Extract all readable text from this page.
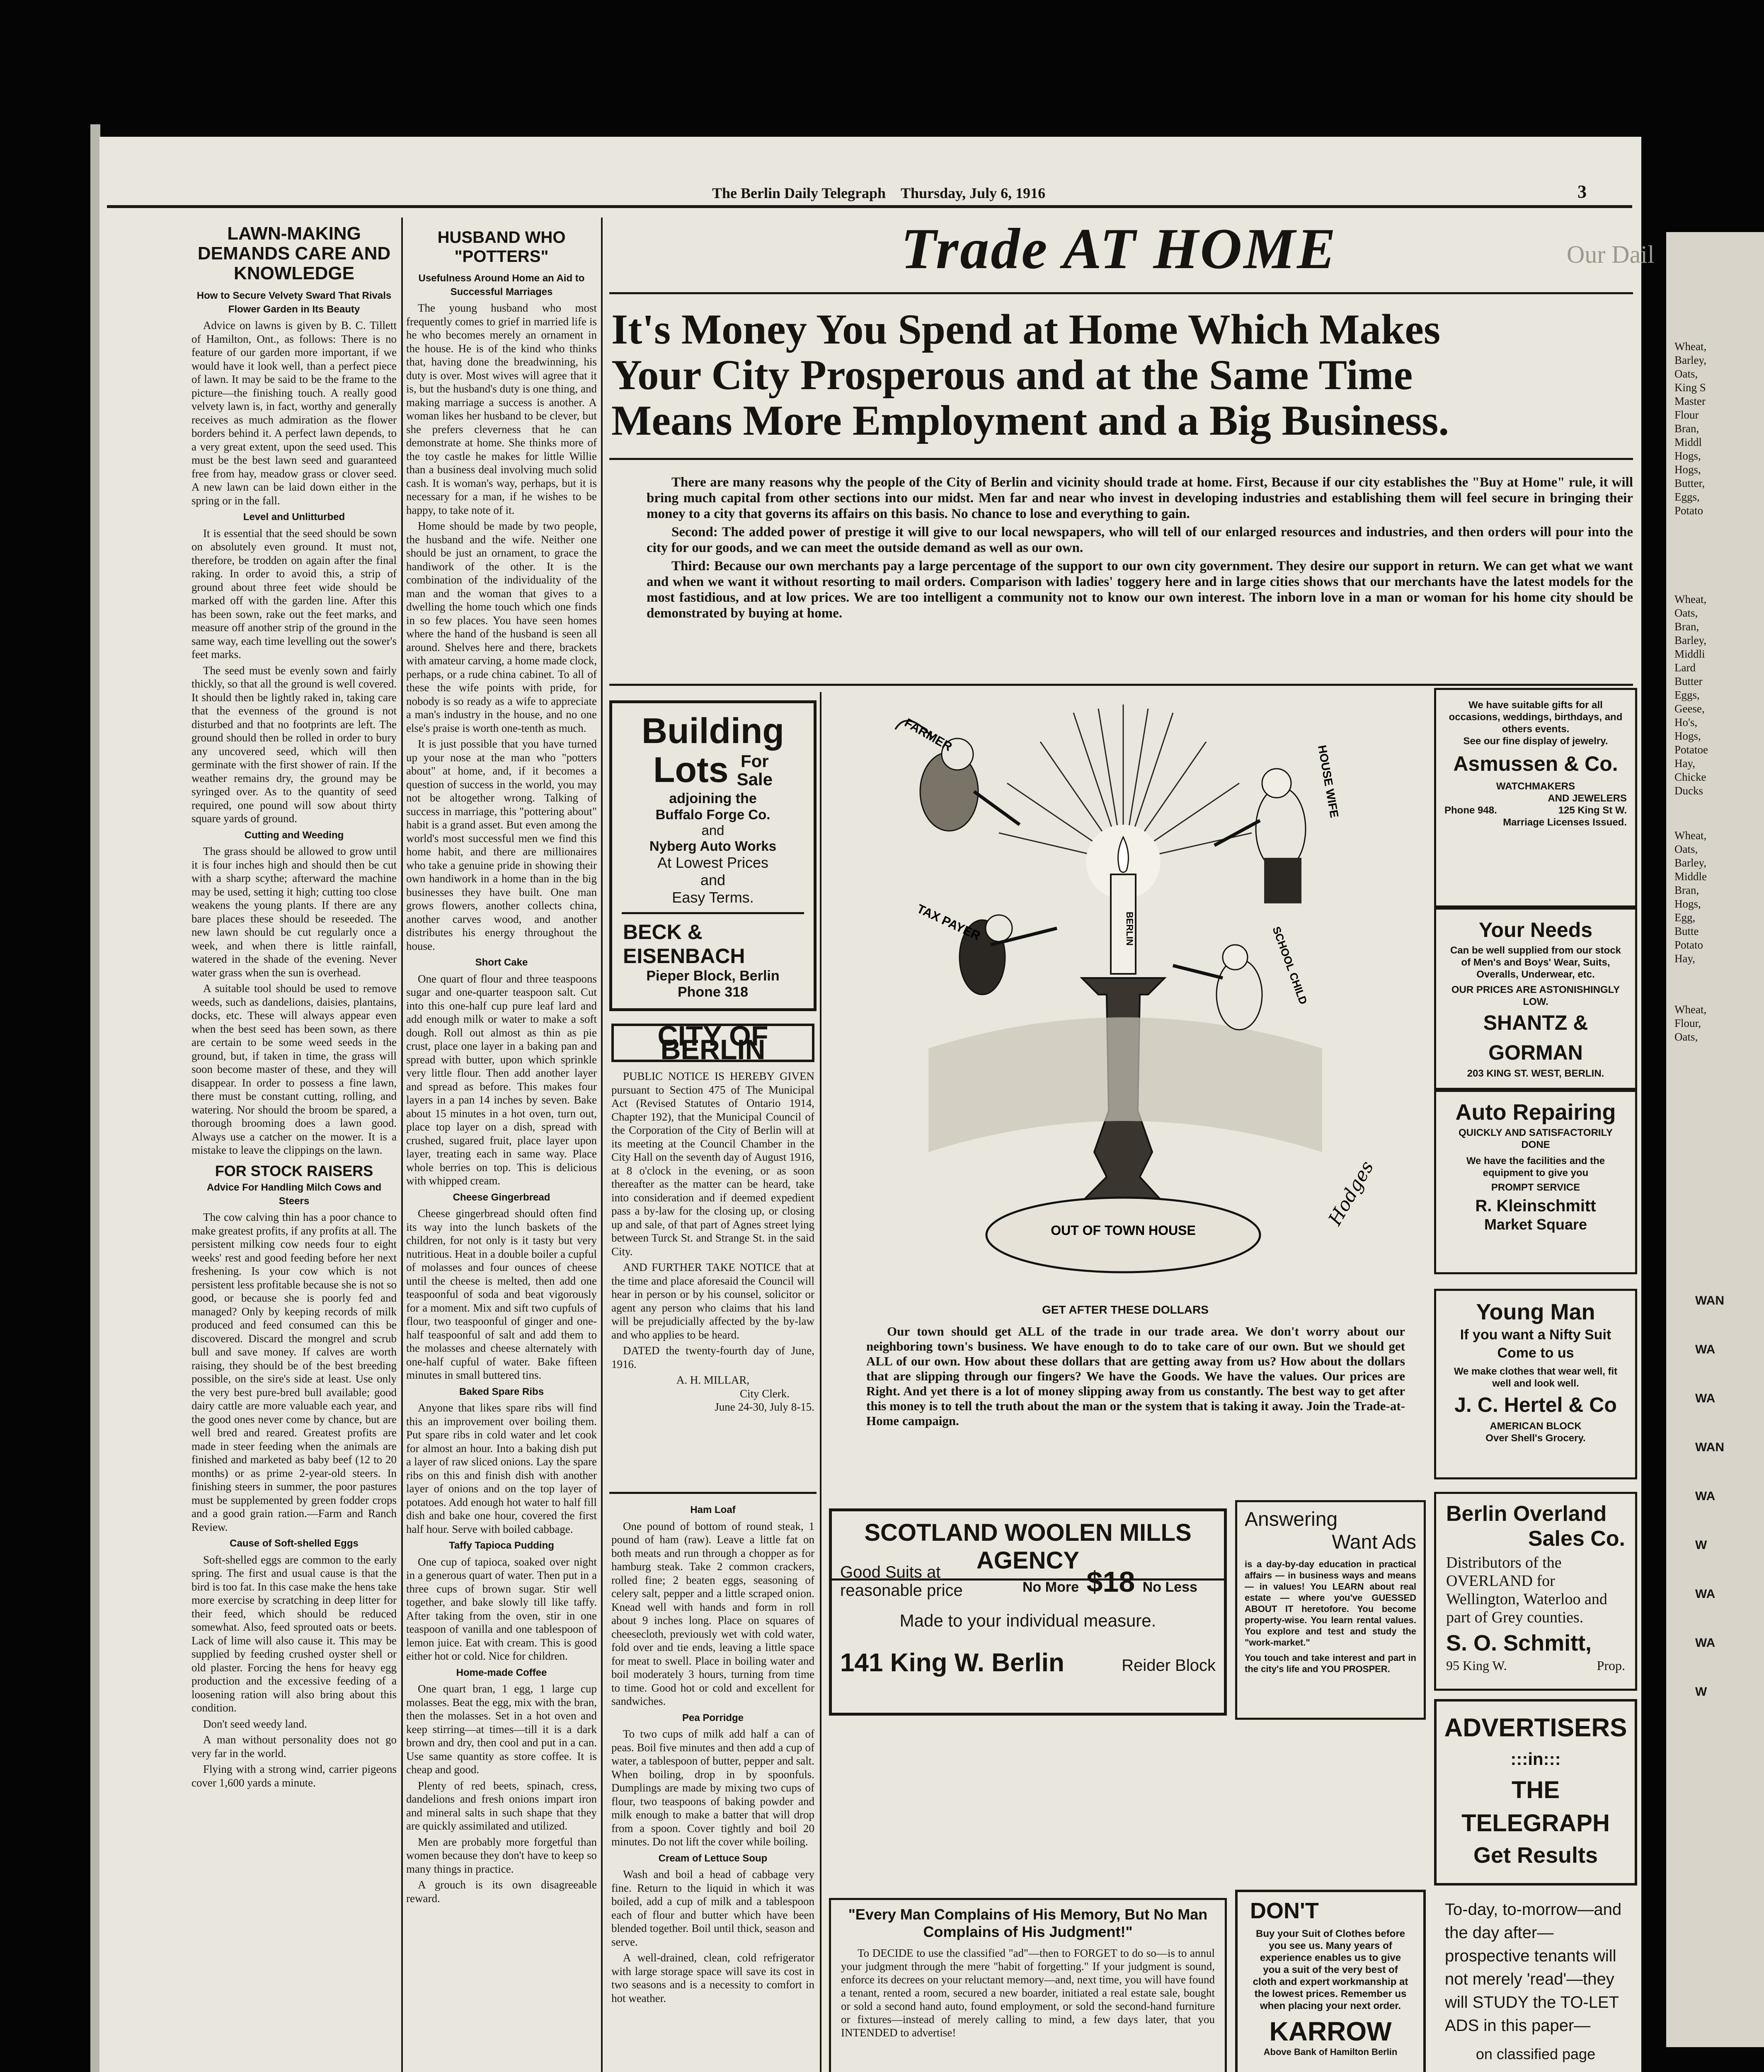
The Berlin Daily Telegraph Thursday, July 6, 1916	3
LAWN-MAKING DEMANDS CARE AND KNOWLEDGE
How to Secure Velvety Sward That Rivals Flower Garden in Its Beauty

Advice on lawns is given by B. C. Tillett of Hamilton, Ont., as follows: There is no feature of our garden more important, if we would have it look well, than a perfect piece of lawn. It may be said to be the frame to the picture—the finishing touch. A really good velvety lawn is, in fact, worthy and generally receives as much admiration as the flower borders behind it. A perfect lawn depends, to a very great extent, upon the seed used. This must be the best lawn seed and guaranteed free from hay, meadow grass or clover seed. A new lawn can be laid down either in the spring or in the fall.

Level and Unlitturbed

It is essential that the seed should be sown on absolutely even ground. It must not, therefore, be trodden on again after the final raking. In order to avoid this, a strip of ground about three feet wide should be marked off with the garden line. After this has been sown, rake out the feet marks, and measure off another strip of the ground in the same way, each time levelling out the sower's feet marks.

The seed must be evenly sown and fairly thickly, so that all the ground is well covered. It should then be lightly raked in, taking care that the evenness of the ground is not disturbed and that no footprints are left. The ground should then be rolled in order to bury any uncovered seed, which will then germinate with the first shower of rain. If the weather remains dry, the ground may be syringed over. As to the quantity of seed required, one pound will sow about thirty square yards of ground.

Cutting and Weeding

The grass should be allowed to grow until it is four inches high and should then be cut with a sharp scythe; afterward the machine may be used, setting it high; cutting too close weakens the young plants. If there are any bare places these should be reseeded. The new lawn should be cut regularly once a week, and when there is little rainfall, watered in the shade of the evening. Never water grass when the sun is overhead.

A suitable tool should be used to remove weeds, such as dandelions, daisies, plantains, docks, etc. These will always appear even when the best seed has been sown, as there are certain to be some weed seeds in the ground, but, if taken in time, the grass will soon become master of these, and they will disappear. In order to possess a fine lawn, there must be constant cutting, rolling, and watering. Nor should the broom be spared, a thorough brooming does a lawn good. Always use a catcher on the mower. It is a mistake to leave the clippings on the lawn.

FOR STOCK RAISERS
Advice For Handling Milch Cows and Steers

The cow calving thin has a poor chance to make greatest profits, if any profits at all. The persistent milking cow needs four to eight weeks' rest and good feeding before her next freshening. Is your cow which is not persistent less profitable because she is not so good, or because she is poorly fed and managed? Only by keeping records of milk produced and feed consumed can this be discovered. Discard the mongrel and scrub bull and save money. If calves are worth raising, they should be of the best breeding possible, on the sire's side at least. Use only the very best pure-bred bull available; good dairy cattle are more valuable each year, and the good ones never come by chance, but are well bred and reared. Greatest profits are made in steer feeding when the animals are finished and marketed as baby beef (12 to 20 months) or as prime 2-year-old steers. In finishing steers in summer, the poor pastures must be supplemented by green fodder crops and a good grain ration.—Farm and Ranch Review.

Cause of Soft-shelled Eggs

Soft-shelled eggs are common to the early spring. The first and usual cause is that the bird is too fat. In this case make the hens take more exercise by scratching in deep litter for their feed, which should be reduced somewhat. Also, feed sprouted oats or beets. Lack of lime will also cause it. This may be supplied by feeding crushed oyster shell or old plaster. Forcing the hens for heavy egg production and the excessive feeding of a loosening ration will also bring about this condition.

Don't seed weedy land.

A man without personality does not go very far in the world.

Flying with a strong wind, carrier pigeons cover 1,600 yards a minute.

HUSBAND WHO "POTTERS"
Usefulness Around Home an Aid to Successful Marriages

The young husband who most frequently comes to grief in married life is he who becomes merely an ornament in the house. He is of the kind who thinks that, having done the breadwinning, his duty is over. Most wives will agree that it is, but the husband's duty is one thing, and making marriage a success is another. A woman likes her husband to be clever, but she prefers cleverness that he can demonstrate at home. She thinks more of the toy castle he makes for little Willie than a business deal involving much solid cash. It is woman's way, perhaps, but it is necessary for a man, if he wishes to be happy, to take note of it.

Home should be made by two people, the husband and the wife. Neither one should be just an ornament, to grace the handiwork of the other. It is the combination of the individuality of the man and the woman that gives to a dwelling the home touch which one finds in so few places. You have seen homes where the hand of the husband is seen all around. Shelves here and there, brackets with amateur carving, a home made clock, perhaps, or a rude china cabinet. To all of these the wife points with pride, for nobody is so ready as a wife to appreciate a man's industry in the house, and no one else's praise is worth one-tenth as much.

It is just possible that you have turned up your nose at the man who "potters about" at home, and, if it becomes a question of success in the world, you may not be altogether wrong. Talking of success in marriage, this "pottering about" habit is a grand asset. But even among the world's most successful men we find this home habit, and there are millionaires who take a genuine pride in showing their own handiwork in a home than in the big businesses they have built. One man grows flowers, another collects china, another carves wood, and another distributes his energy throughout the house.

Short Cake

One quart of flour and three teaspoons sugar and one-quarter teaspoon salt. Cut into this one-half cup pure leaf lard and add enough milk or water to make a soft dough. Roll out almost as thin as pie crust, place one layer in a baking pan and spread with butter, upon which sprinkle very little flour. Then add another layer and spread as before. This makes four layers in a pan 14 inches by seven. Bake about 15 minutes in a hot oven, turn out, place top layer on a dish, spread with crushed, sugared fruit, place layer upon layer, treating each in same way. Place whole berries on top. This is delicious with whipped cream.

Cheese Gingerbread

Cheese gingerbread should often find its way into the lunch baskets of the children, for not only is it tasty but very nutritious. Heat in a double boiler a cupful of molasses and four ounces of cheese until the cheese is melted, then add one teaspoonful of soda and beat vigorously for a moment. Mix and sift two cupfuls of flour, two teaspoonful of ginger and one-half teaspoonful of salt and add them to the molasses and cheese alternately with one-half cupful of water. Bake fifteen minutes in small buttered tins.

Baked Spare Ribs

Anyone that likes spare ribs will find this an improvement over boiling them. Put spare ribs in cold water and let cook for almost an hour. Into a baking dish put a layer of raw sliced onions. Lay the spare ribs on this and finish dish with another layer of onions and on the top layer of potatoes. Add enough hot water to half fill dish and bake one hour, covered the first half hour. Serve with boiled cabbage.

Taffy Tapioca Pudding

One cup of tapioca, soaked over night in a generous quart of water. Then put in a three cups of brown sugar. Stir well together, and bake slowly till like taffy. After taking from the oven, stir in one teaspoon of vanilla and one tablespoon of lemon juice. Eat with cream. This is good either hot or cold. Nice for children.

Home-made Coffee

One quart bran, 1 egg, 1 large cup molasses. Beat the egg, mix with the bran, then the molasses. Set in a hot oven and keep stirring—at times—till it is a dark brown and dry, then cool and put in a can. Use same quantity as store coffee. It is cheap and good.

Plenty of red beets, spinach, cress, dandelions and fresh onions impart iron and mineral salts in such shape that they are quickly assimilated and utilized.

Men are probably more forgetful than women because they don't have to keep so many things in practice.

A grouch is its own disagreeable reward.

Trade AT HOME
It's Money You Spend at Home Which Makes
Your City Prosperous and at the Same Time
Means More Employment and a Big Business.

There are many reasons why the people of the City of Berlin and vicinity should trade at home. First, Because if our city establishes the "Buy at Home" rule, it will bring much capital from other sections into our midst. Men far and near who invest in developing industries and establishing them will feel secure in bringing their money to a city that governs its affairs on this basis. No chance to lose and everything to gain.

Second: The added power of prestige it will give to our local newspapers, who will tell of our enlarged resources and industries, and then orders will pour into the city for our goods, and we can meet the outside demand as well as our own.

Third: Because our own merchants pay a large percentage of the support to our own city government. They desire our support in return. We can get what we want and when we want it without resorting to mail orders. Comparison with ladies' toggery here and in large cities shows that our merchants have the latest models for the most fastidious, and at low prices. We are too intelligent a community not to know our own interest. The inborn love in a man or woman for his home city should be demonstrated by buying at home.

Building
Lots For
Sale
adjoining the
Buffalo Forge Co.
and
Nyberg Auto Works
At Lowest Prices
and
Easy Terms.
BECK &
EISENBACH
Pieper Block, Berlin
Phone 318
CITY OF BERLIN

PUBLIC NOTICE IS HEREBY GIVEN pursuant to Section 475 of The Municipal Act (Revised Statutes of Ontario 1914, Chapter 192), that the Municipal Council of the Corporation of the City of Berlin will at its meeting at the Council Chamber in the City Hall on the seventh day of August 1916, at 8 o'clock in the evening, or as soon thereafter as the matter can be heard, take into consideration and if deemed expedient pass a by-law for the closing up, or closing up and sale, of that part of Agnes street lying between Turck St. and Strange St. in the said City.

AND FURTHER TAKE NOTICE that at the time and place aforesaid the Council will hear in person or by his counsel, solicitor or agent any person who claims that his land will be prejudicially affected by the by-law and who applies to be heard.

DATED the twenty-fourth day of June, 1916.

A. H. MILLAR,
City Clerk.
June 24-30, July 8-15.
Ham Loaf

One pound of bottom of round steak, 1 pound of ham (raw). Leave a little fat on both meats and run through a chopper as for hamburg steak. Take 2 common crackers, rolled fine; 2 beaten eggs, seasoning of celery salt, pepper and a little scraped onion. Knead well with hands and form in roll about 9 inches long. Place on squares of cheesecloth, previously wet with cold water, fold over and tie ends, leaving a little space for meat to swell. Place in boiling water and boil moderately 3 hours, turning from time to time. Good hot or cold and excellent for sandwiches.

Pea Porridge

To two cups of milk add half a can of peas. Boil five minutes and then add a cup of water, a tablespoon of butter, pepper and salt. When boiling, drop in by spoonfuls. Dumplings are made by mixing two cups of flour, two teaspoons of baking powder and milk enough to make a batter that will drop from a spoon. Cover tightly and boil 20 minutes. Do not lift the cover while boiling.

Cream of Lettuce Soup

Wash and boil a head of cabbage very fine. Return to the liquid in which it was boiled, add a cup of milk and a tablespoon each of flour and butter which have been blended together. Boil until thick, season and serve.

A well-drained, clean, cold refrigerator with large storage space will save its cost in two seasons and is a necessity to comfort in hot weather.

BERLIN
OUT OF TOWN HOUSE
FARMER
HOUSE WIFE
TAX PAYER
SCHOOL CHILD
Hodges
GET AFTER THESE DOLLARS
Our town should get ALL of the trade in our trade area. We don't worry about our neighboring town's business. We have enough to do to take care of our own. But we should get ALL of our own. How about these dollars that are getting away from us? How about the dollars that are slipping through our fingers? We have the Goods. We have the values. Our prices are Right. And yet there is a lot of money slipping away from us constantly. The best way to get after this money is to tell the truth about the man or the system that is taking it away. Join the Trade-at-Home campaign.
SCOTLAND WOOLEN MILLS AGENCY
Good Suits at
reasonable price	No More $18 No Less
Made to your individual measure.
141 King W. Berlin	Reider Block
Answering
Want Ads
is a day-by-day education in practical affairs — in business ways and means — in values! You LEARN about real estate — where you've GUESSED ABOUT IT heretofore. You become property-wise. You learn rental values. You explore and test and study the "work-market."
You touch and take interest and part in the city's life and YOU PROSPER.
"Every Man Complains of His Memory, But No Man Complains of His Judgment!"
To DECIDE to use the classified "ad"—then to FORGET to do so—is to annul your judgment through the mere "habit of forgetting." If your judgment is sound, enforce its decrees on your reluctant memory—and, next time, you will have found a tenant, rented a room, secured a new boarder, initiated a real estate sale, bought or sold a second hand auto, found employment, or sold the second-hand furniture or fixtures—instead of merely calling to mind, a few days later, that you INTENDED to advertise!
DON'T
Buy your Suit of Clothes before you see us. Many years of experience enables us to give you a suit of the very best of cloth and expert workmanship at the lowest prices. Remember us when placing your next order.
KARROW
Above Bank of Hamilton Berlin
We have suitable gifts for all occasions, weddings, birthdays, and others events.
See our fine display of jewelry.
Asmussen & Co.
WATCHMAKERS
AND JEWELERS
Phone 948.	125 King St W.
Marriage Licenses Issued.
Your Needs
Can be well supplied from our stock of Men's and Boys' Wear, Suits, Overalls, Underwear, etc.
OUR PRICES ARE ASTONISHINGLY LOW.
SHANTZ & GORMAN
203 KING ST. WEST, BERLIN.
Auto Repairing
QUICKLY AND SATISFACTORILY DONE
We have the facilities and the equipment to give you
PROMPT SERVICE
R. Kleinschmitt
Market Square
Young Man
If you want a Nifty Suit
Come to us
We make clothes that wear well, fit well and look well.
J. C. Hertel & Co
AMERICAN BLOCK
Over Shell's Grocery.
Berlin Overland
Sales Co.
Distributors of the OVERLAND for Wellington, Waterloo and part of Grey counties.
S. O. Schmitt,
95 King W.	Prop.
ADVERTISERS
:::in:::
THE TELEGRAPH
Get Results
To-day, to-morrow—and the day after—prospective tenants will not merely 'read'—they will STUDY the TO-LET ADS in this paper—
on classified page
Wheat,
Barley,
Oats,
King S
Master
Flour
Bran,
Middl
Hogs,
Hogs,
Butter,
Eggs,
Potato
Wheat,
Oats,
Bran,
Barley,
Middli
Lard
Butter
Eggs,
Geese,
Ho's,
Hogs,
Potatoe
Hay,
Chicke
Ducks
Wheat,
Oats,
Barley,
Middle
Bran,
Hogs,
Egg,
Butte
Potato
Hay,
Wheat,
Flour,
Oats,
Our Dail
WAN
WA
WA
WAN
WA
W
WA
WA
W
